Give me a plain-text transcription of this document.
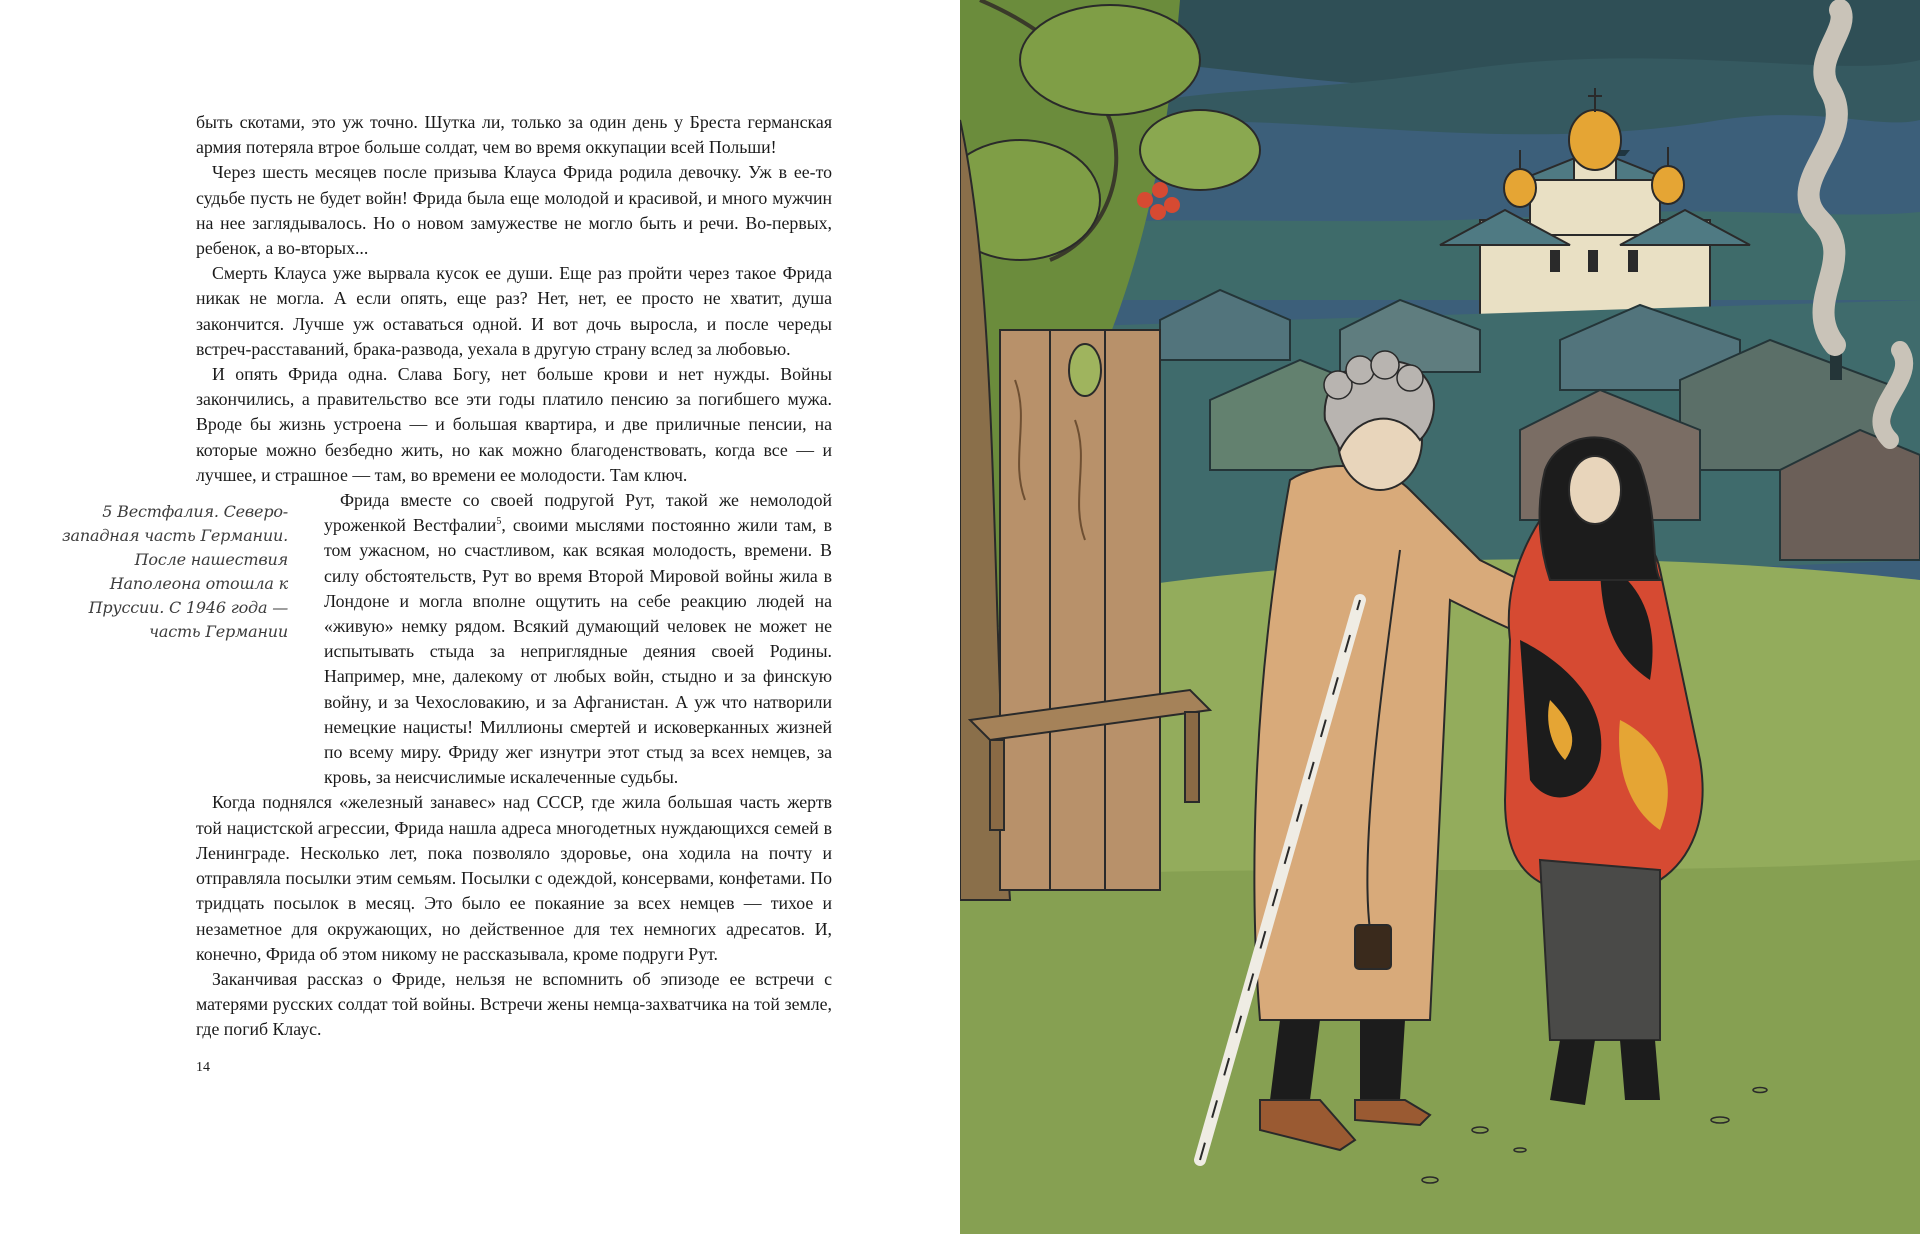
быть скотами, это уж точно. Шутка ли, только за один день у Бреста германская армия потеряла втрое больше солдат, чем во время оккупации всей Польши!

Через шесть месяцев после призыва Клауса Фрида родила девочку. Уж в ее-то судьбе пусть не будет войн! Фрида была еще молодой и красивой, и много мужчин на нее заглядывалось. Но о новом замужестве не могло быть и речи. Во-первых, ребенок, а во-вторых...

Смерть Клауса уже вырвала кусок ее души. Еще раз пройти через такое Фрида никак не могла. А если опять, еще раз? Нет, нет, ее просто не хватит, душа закончится. Лучше уж оставаться одной. И вот дочь выросла, и после череды встреч-расставаний, брака-развода, уехала в другую страну вслед за любовью.

И опять Фрида одна. Слава Богу, нет больше крови и нет нужды. Войны закончились, а правительство все эти годы платило пенсию за погибшего мужа. Вроде бы жизнь устроена — и большая квартира, и две приличные пенсии, на которые можно безбедно жить, но как можно благоденствовать, когда все — и лучшее, и страшное — там, во времени ее молодости. Там ключ.

Фрида вместе со своей подругой Рут, такой же немолодой уроженкой Вестфалии$^5$, своими мыслями постоянно жили там, в том ужасном, но счастливом, как всякая молодость, времени. В силу обстоятельств, Рут во время Второй Мировой войны жила в Лондоне и могла вполне ощутить на себе реакцию людей на «живую» немку рядом. Всякий думающий человек не может не испытывать стыда за неприглядные деяния своей Родины. Например, мне, далекому от любых войн, стыдно и за финскую войну, и за Чехословакию, и за Афганистан. А уж что натворили немецкие нацисты! Миллионы смертей и исковерканных жизней по всему миру. Фриду жег изнутри этот стыд за всех немцев, за кровь, за неисчислимые искалеченные судьбы.

Когда поднялся «железный занавес» над СССР, где жила большая часть жертв той нацистской агрессии, Фрида нашла адреса многодетных нуждающихся семей в Ленинграде. Несколько лет, пока позволяло здоровье, она ходила на почту и отправляла посылки этим семьям. Посылки с одеждой, консервами, конфетами. По тридцать посылок в месяц. Это было ее покаяние за всех немцев — тихое и незаметное для окружающих, но действенное для тех немногих адресатов. И, конечно, Фрида об этом никому не рассказывала, кроме подруги Рут.

Заканчивая рассказ о Фриде, нельзя не вспомнить об эпизоде ее встречи с матерями русских солдат той войны. Встречи жены немца-захватчика на той земле, где погиб Клаус.

5 Вестфалия. Северо-западная часть Германии. После нашествия Наполеона отошла к Пруссии. С 1946 года — часть Германии
14
